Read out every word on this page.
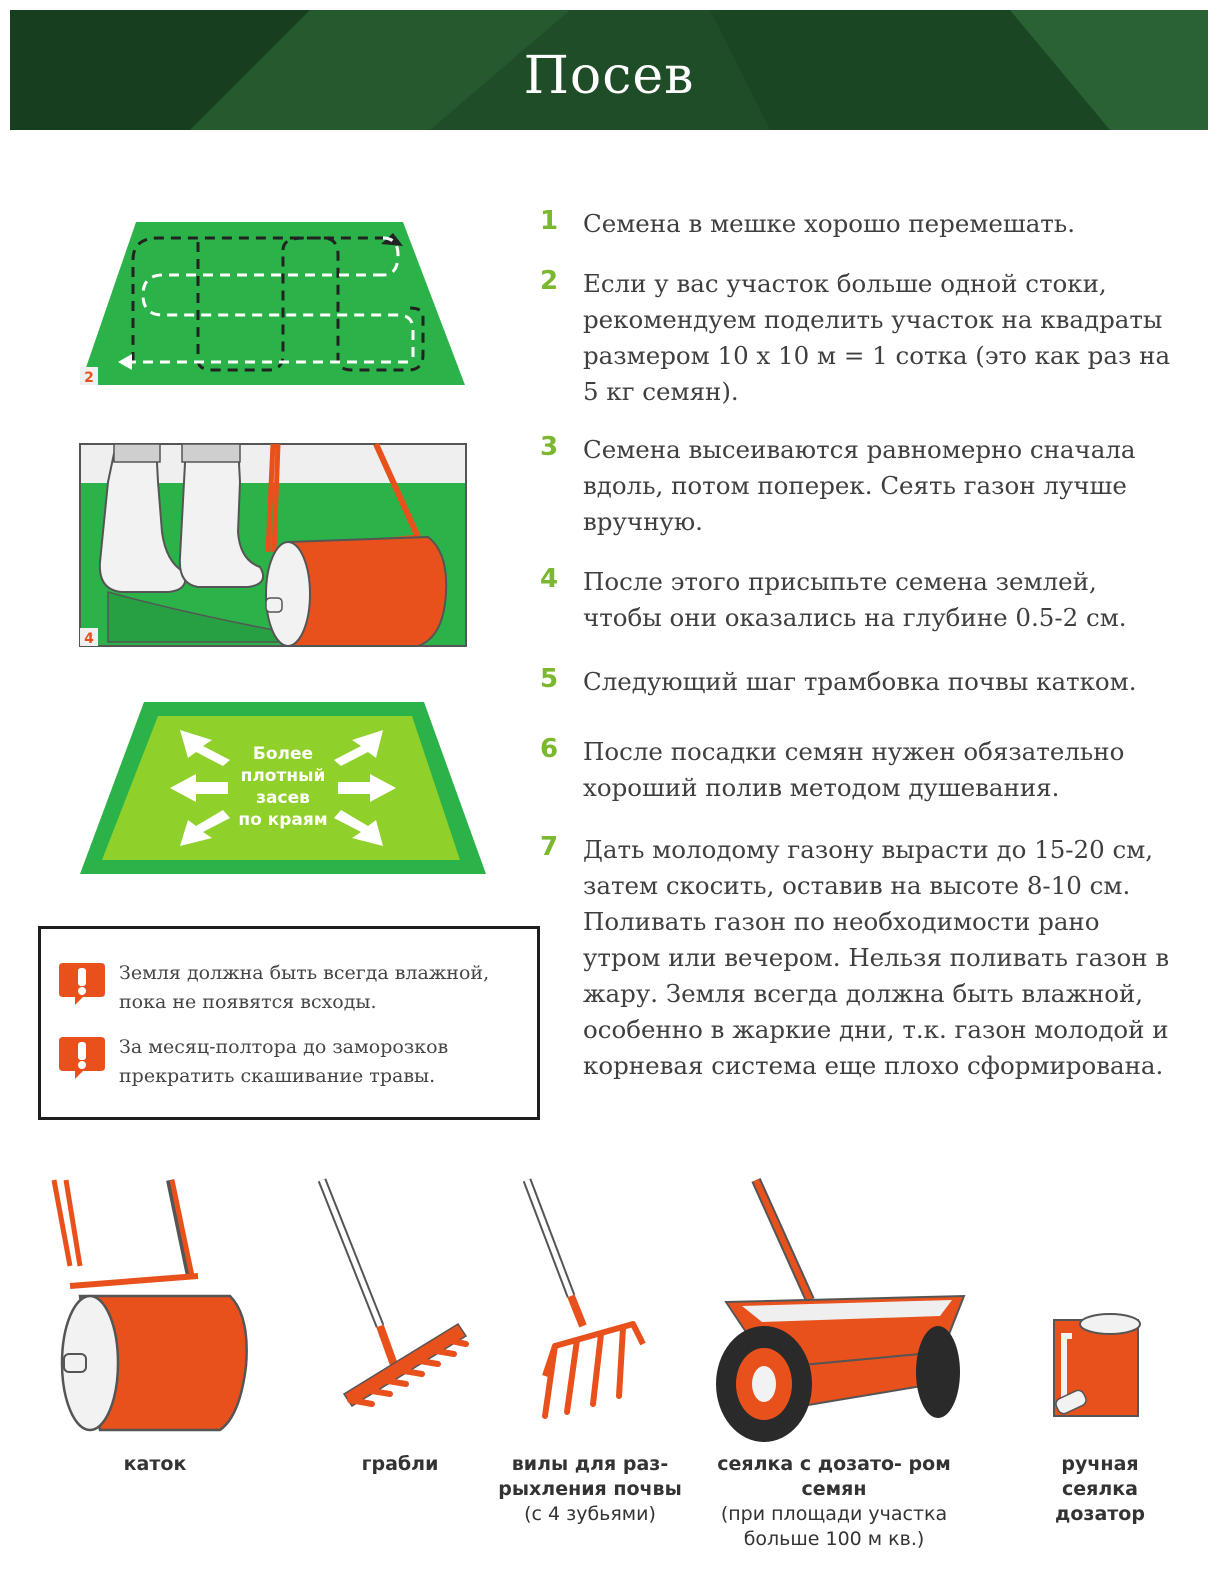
Посев
2
4
Более
плотный
засев
по краям
1	Семена в мешке хорошо перемешать.
2	Если у вас участок больше одной стоки, рекомендуем поделить участок на квадраты размером 10 х 10 м = 1 сотка (это как раз на 5 кг семян).
3	Семена высеиваются равномерно сначала вдоль, потом поперек. Сеять газон лучше вручную.
4	После этого присыпьте семена землей, чтобы они оказались на глубине 0.5-2 см.
5	Следующий шаг трамбовка почвы катком.
6	После посадки семян нужен обязательно хороший полив методом душевания.
7	Дать молодому газону вырасти до 15-20 см, затем скосить, оставив на высоте 8-10 см. Поливать газон по необходимости рано утром или вечером. Нельзя поливать газон в жару. Земля всегда должна быть влажной, особенно в жаркие дни, т.к. газон молодой и корневая система еще плохо сформирована.
Земля должна быть всегда влажной, пока не появятся всходы.
За месяц-полтора до заморозков прекратить скашивание травы.
каток	грабли	вилы для раз- рыхления почвы
(с 4 зубьями)
сеялка с дозато- ром семян
(при площади участка больше 100 м кв.)
ручная сеялка дозатор
